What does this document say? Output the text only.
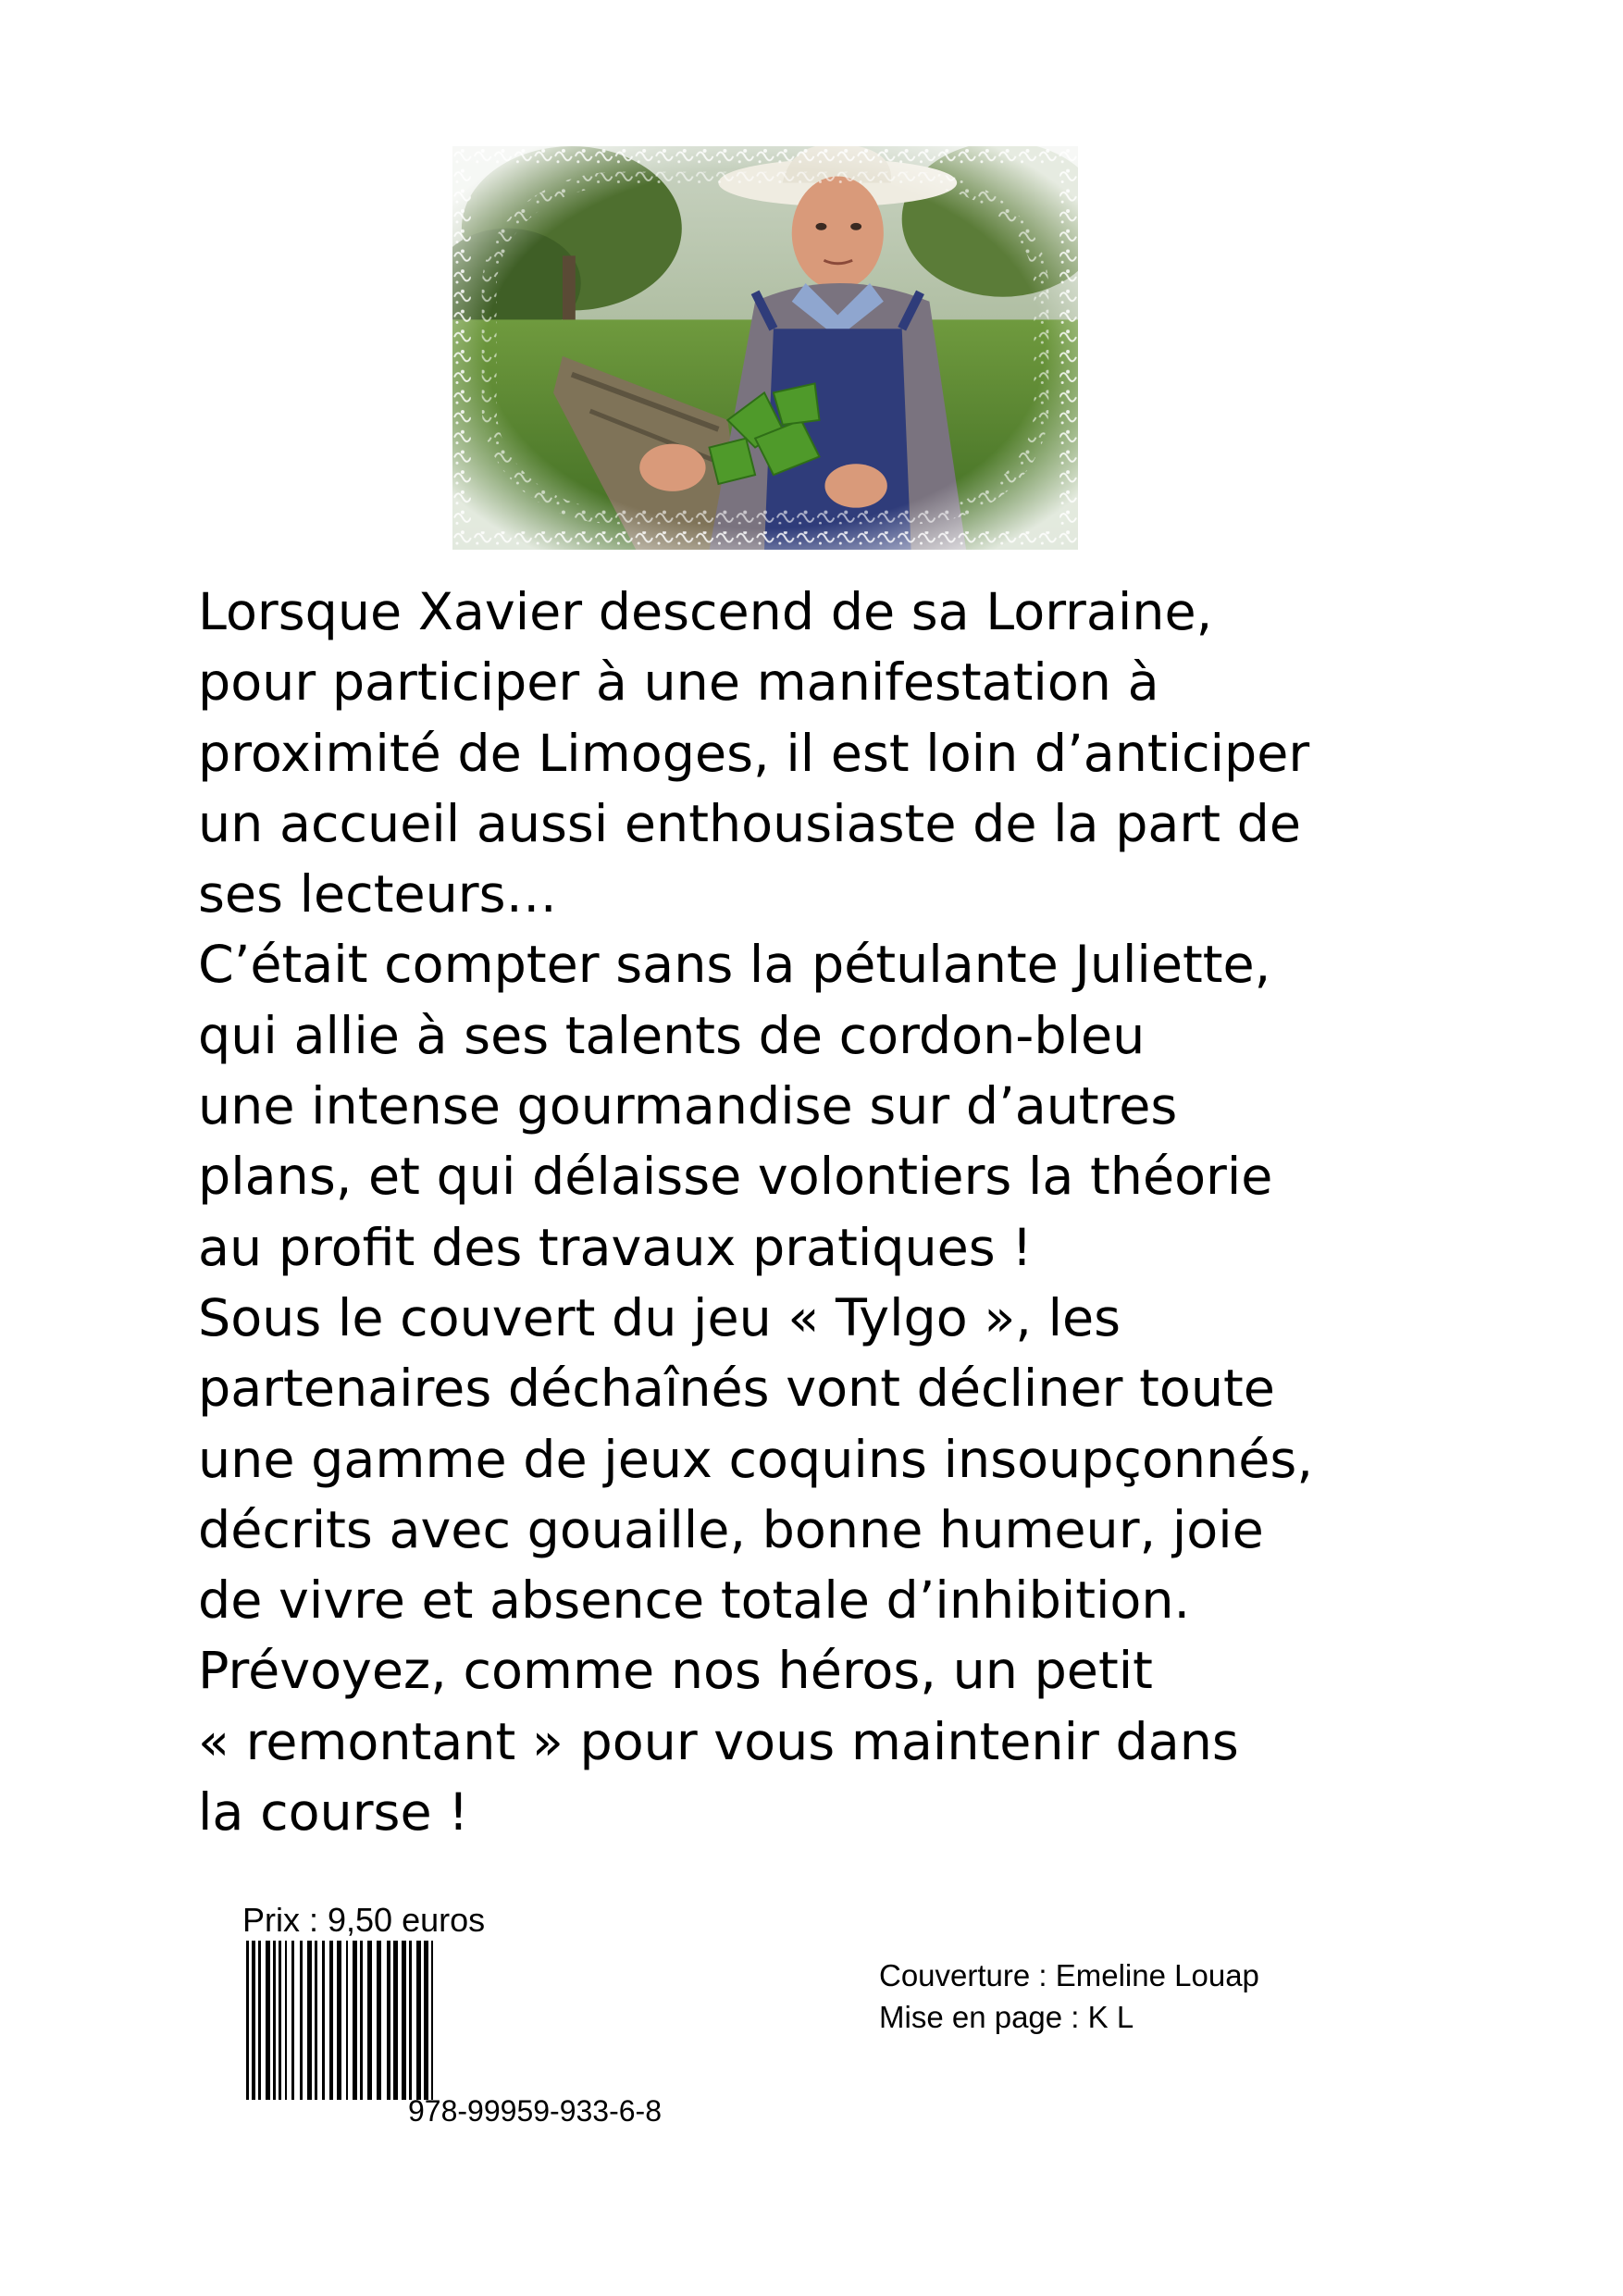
Lorsque Xavier descend de sa Lorraine,
pour participer à une manifestation à
proximité de Limoges, il est loin d’anticiper
un accueil aussi enthousiaste de la part de
ses lecteurs…
C’était compter sans la pétulante Juliette,
qui allie à ses talents de cordon-bleu
une intense gourmandise sur d’autres
plans, et qui délaisse volontiers la théorie
au profit des travaux pratiques !
Sous le couvert du jeu « Tylgo », les
partenaires déchaînés vont décliner toute
une gamme de jeux coquins insoupçonnés,
décrits avec gouaille, bonne humeur, joie
de vivre et absence totale d’inhibition.
Prévoyez, comme nos héros, un petit
« remontant » pour vous maintenir dans
la course !
Prix : 9,50 euros
978-99959-933-6-8
Couverture : Emeline Louap
Mise en page : K L
